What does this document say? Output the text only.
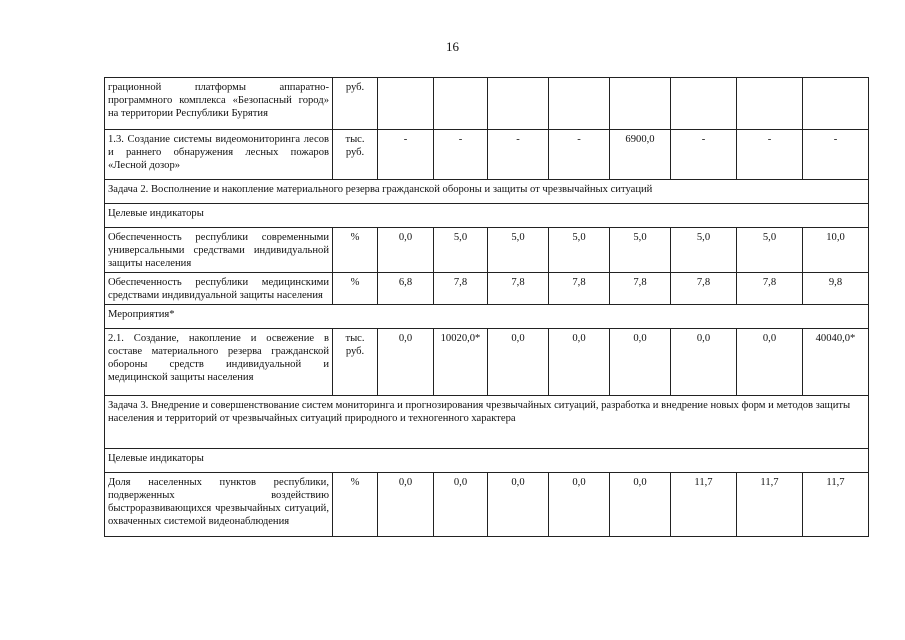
16
грационной платформы аппаратно-программного комплекса «Безопасный город» на территории Республики Бурятия	руб.								
1.3. Создание системы видеомониторинга лесов и раннего обнаружения лесных пожаров «Лесной дозор»	тыс. руб.	-	-	-	-	6900,0	-	-	-
Задача 2. Восполнение и накопление материального резерва гражданской обороны и защиты от чрезвычайных ситуаций									
Целевые индикаторы									
Обеспеченность республики современными универсальными средствами индивидуальной защиты населения	%	0,0	5,0	5,0	5,0	5,0	5,0	5,0	10,0
Обеспеченность республики медицинскими средствами индивидуальной защиты населения	%	6,8	7,8	7,8	7,8	7,8	7,8	7,8	9,8
Мероприятия*									
2.1. Создание, накопление и освежение в составе материального резерва гражданской обороны средств индивидуальной и медицинской защиты населения	тыс. руб.	0,0	10020,0*	0,0	0,0	0,0	0,0	0,0	40040,0*
Задача 3. Внедрение и совершенствование систем мониторинга и прогнозирования чрезвычайных ситуаций, разработка и внедрение новых форм и методов защиты населения и территорий от чрезвычайных ситуаций природного и техногенного характера									
Целевые индикаторы									
Доля населенных пунктов республики, подверженных воздействию быстроразвивающихся чрезвычайных ситуаций, охваченных системой видеонаблюдения	%	0,0	0,0	0,0	0,0	0,0	11,7	11,7	11,7
